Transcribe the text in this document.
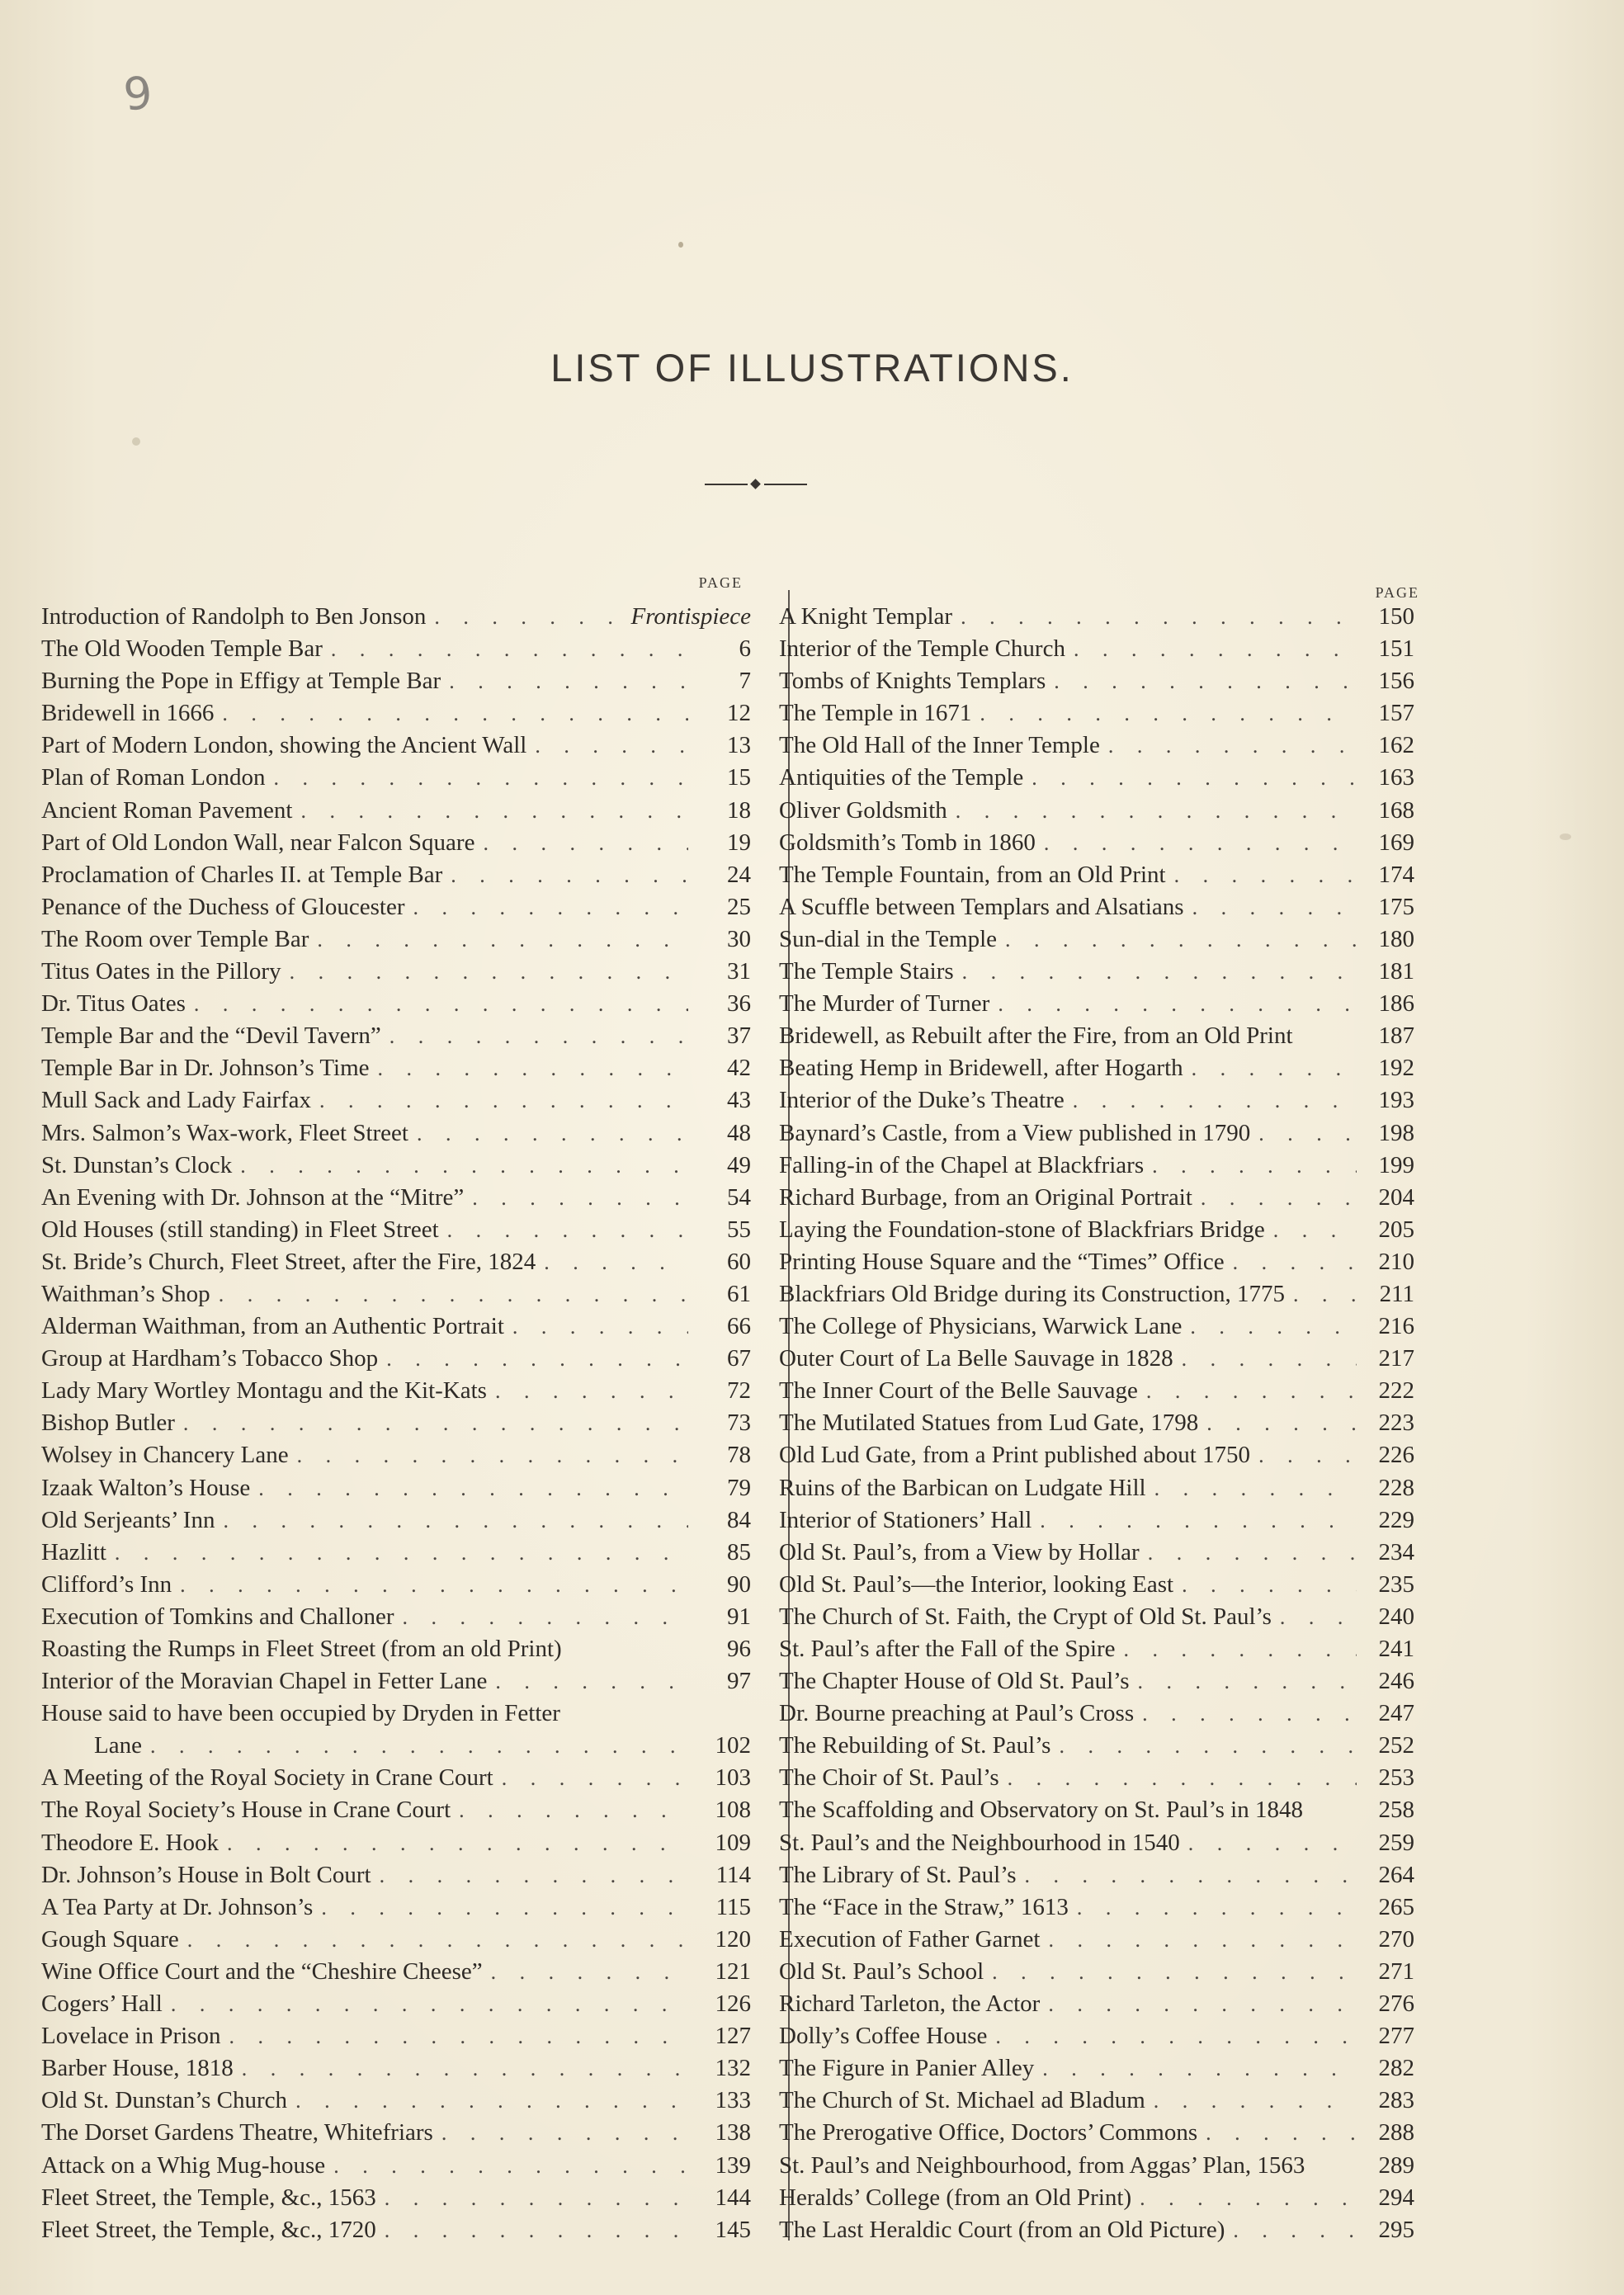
9
LIST OF ILLUSTRATIONS.
PAGE
Introduction of Randolph to Ben Jonson . . .	Frontispiece
The Old Wooden Temple Bar . . .	6
Burning the Pope in Effigy at Temple Bar . . .	7
Bridewell in 1666 . . .	12
Part of Modern London, showing the Ancient Wall . . .	13
Plan of Roman London . . .	15
Ancient Roman Pavement . . .	18
Part of Old London Wall, near Falcon Square . . .	19
Proclamation of Charles II. at Temple Bar . . .	24
Penance of the Duchess of Gloucester . . .	25
The Room over Temple Bar . . .	30
Titus Oates in the Pillory . . .	31
Dr. Titus Oates . . .	36
Temple Bar and the “Devil Tavern” . . .	37
Temple Bar in Dr. Johnson’s Time . . .	42
Mull Sack and Lady Fairfax . . .	43
Mrs. Salmon’s Wax-work, Fleet Street . . .	48
St. Dunstan’s Clock . . .	49
An Evening with Dr. Johnson at the “Mitre” . . .	54
Old Houses (still standing) in Fleet Street . . .	55
St. Bride’s Church, Fleet Street, after the Fire, 1824 . . .	60
Waithman’s Shop . . .	61
Alderman Waithman, from an Authentic Portrait . . .	66
Group at Hardham’s Tobacco Shop . . .	67
Lady Mary Wortley Montagu and the Kit-Kats . . .	72
Bishop Butler . . .	73
Wolsey in Chancery Lane . . .	78
Izaak Walton’s House . . .	79
Old Serjeants’ Inn . . .	84
Hazlitt . . .	85
Clifford’s Inn . . .	90
Execution of Tomkins and Challoner . . .	91
Roasting the Rumps in Fleet Street (from an old Print)	96
Interior of the Moravian Chapel in Fetter Lane . . .	97
House said to have been occupied by Dryden in Fetter
Lane . . .	102
A Meeting of the Royal Society in Crane Court . . .	103
The Royal Society’s House in Crane Court . . .	108
Theodore E. Hook . . .	109
Dr. Johnson’s House in Bolt Court . . .	114
A Tea Party at Dr. Johnson’s . . .	115
Gough Square . . .	120
Wine Office Court and the “Cheshire Cheese” . . .	121
Cogers’ Hall . . .	126
Lovelace in Prison . . .	127
Barber House, 1818 . . .	132
Old St. Dunstan’s Church . . .	133
The Dorset Gardens Theatre, Whitefriars . . .	138
Attack on a Whig Mug-house . . .	139
Fleet Street, the Temple, &c., 1563 . . .	144
Fleet Street, the Temple, &c., 1720 . . .	145
PAGE
A Knight Templar . . .	150
Interior of the Temple Church . . .	151
Tombs of Knights Templars . . .	156
The Temple in 1671 . . .	157
The Old Hall of the Inner Temple . . .	162
Antiquities of the Temple . . .	163
Oliver Goldsmith . . .	168
Goldsmith’s Tomb in 1860 . . .	169
The Temple Fountain, from an Old Print . . .	174
A Scuffle between Templars and Alsatians . . .	175
Sun-dial in the Temple . . .	180
The Temple Stairs . . .	181
The Murder of Turner . . .	186
Bridewell, as Rebuilt after the Fire, from an Old Print	187
Beating Hemp in Bridewell, after Hogarth . . .	192
Interior of the Duke’s Theatre . . .	193
Baynard’s Castle, from a View published in 1790 . . .	198
Falling-in of the Chapel at Blackfriars . . .	199
Richard Burbage, from an Original Portrait . . .	204
Laying the Foundation-stone of Blackfriars Bridge . . .	205
Printing House Square and the “Times” Office . . .	210
Blackfriars Old Bridge during its Construction, 1775 . . .	211
The College of Physicians, Warwick Lane . . .	216
Outer Court of La Belle Sauvage in 1828 . . .	217
The Inner Court of the Belle Sauvage . . .	222
The Mutilated Statues from Lud Gate, 1798 . . .	223
Old Lud Gate, from a Print published about 1750 . . .	226
Ruins of the Barbican on Ludgate Hill . . .	228
Interior of Stationers’ Hall . . .	229
Old St. Paul’s, from a View by Hollar . . .	234
Old St. Paul’s—the Interior, looking East . . .	235
The Church of St. Faith, the Crypt of Old St. Paul’s . . .	240
St. Paul’s after the Fall of the Spire . . .	241
The Chapter House of Old St. Paul’s . . .	246
Dr. Bourne preaching at Paul’s Cross . . .	247
The Rebuilding of St. Paul’s . . .	252
The Choir of St. Paul’s . . .	253
The Scaffolding and Observatory on St. Paul’s in 1848	258
St. Paul’s and the Neighbourhood in 1540 . . .	259
The Library of St. Paul’s . . .	264
The “Face in the Straw,” 1613 . . .	265
Execution of Father Garnet . . .	270
Old St. Paul’s School . . .	271
Richard Tarleton, the Actor . . .	276
Dolly’s Coffee House . . .	277
The Figure in Panier Alley . . .	282
The Church of St. Michael ad Bladum . . .	283
The Prerogative Office, Doctors’ Commons . . .	288
St. Paul’s and Neighbourhood, from Aggas’ Plan, 1563	289
Heralds’ College (from an Old Print) . . .	294
The Last Heraldic Court (from an Old Picture) . . .	295
